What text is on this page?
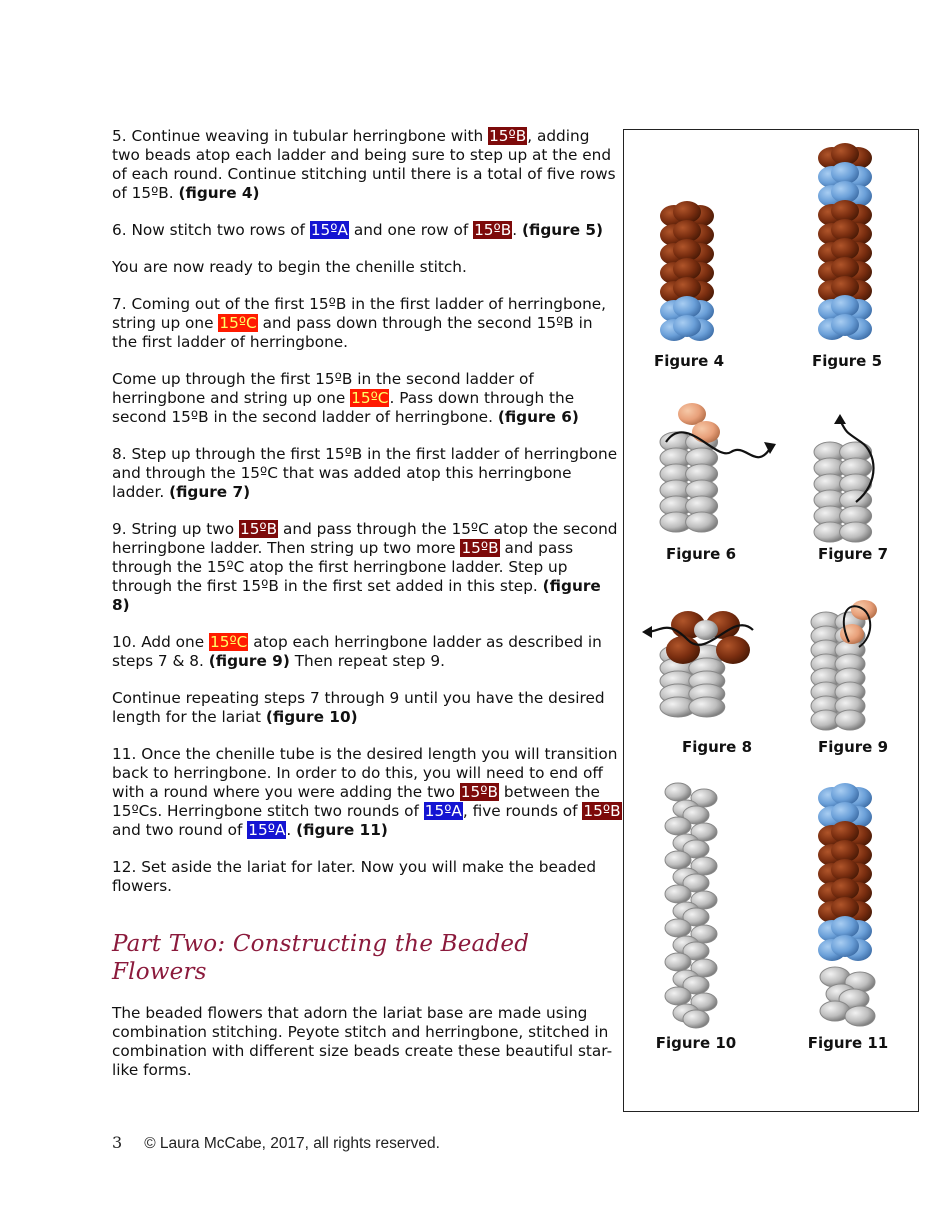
5. Continue weaving in tubular herringbone with 15ºB, adding two beads atop each ladder and being sure to step up at the end of each round. Continue stitching until there is a total of five rows of 15ºB. (figure 4)

6. Now stitch two rows of 15ºA and one row of 15ºB. (figure 5)

You are now ready to begin the chenille stitch.

7. Coming out of the first 15ºB in the first ladder of herringbone, string up one 15ºC and pass down through the second 15ºB in the first ladder of herringbone.

Come up through the first 15ºB in the second ladder of herringbone and string up one 15ºC. Pass down through the second 15ºB in the second ladder of herringbone. (figure 6)

8. Step up through the first 15ºB in the first ladder of herringbone and through the 15ºC that was added atop this herringbone ladder. (figure 7)

9. String up two 15ºB and pass through the 15ºC atop the second herringbone ladder. Then string up two more 15ºB and pass through the 15ºC atop the first herringbone ladder. Step up through the first 15ºB in the first set added in this step. (figure 8)

10. Add one 15ºC atop each herringbone ladder as described in steps 7 & 8. (figure 9) Then repeat step 9.

Continue repeating steps 7 through 9 until you have the desired length for the lariat (figure 10)

11. Once the chenille tube is the desired length you will transition back to herringbone. In order to do this, you will need to end off with a round where you were adding the two 15ºB between the 15ºCs. Herringbone stitch two rounds of 15ºA, five rounds of 15ºB and two round of 15ºA. (figure 11)

12. Set aside the lariat for later. Now you will make the beaded flowers.

Part Two: Constructing the Beaded Flowers

The beaded flowers that adorn the lariat base are made using combination stitching. Peyote stitch and herringbone, stitched in combination with different size beads create these beautiful star-like forms.

Figure 4	Figure 5
Figure 6	Figure 7
Figure 8	Figure 9
Figure 10	Figure 11
3 © Laura McCabe, 2017, all rights reserved.
